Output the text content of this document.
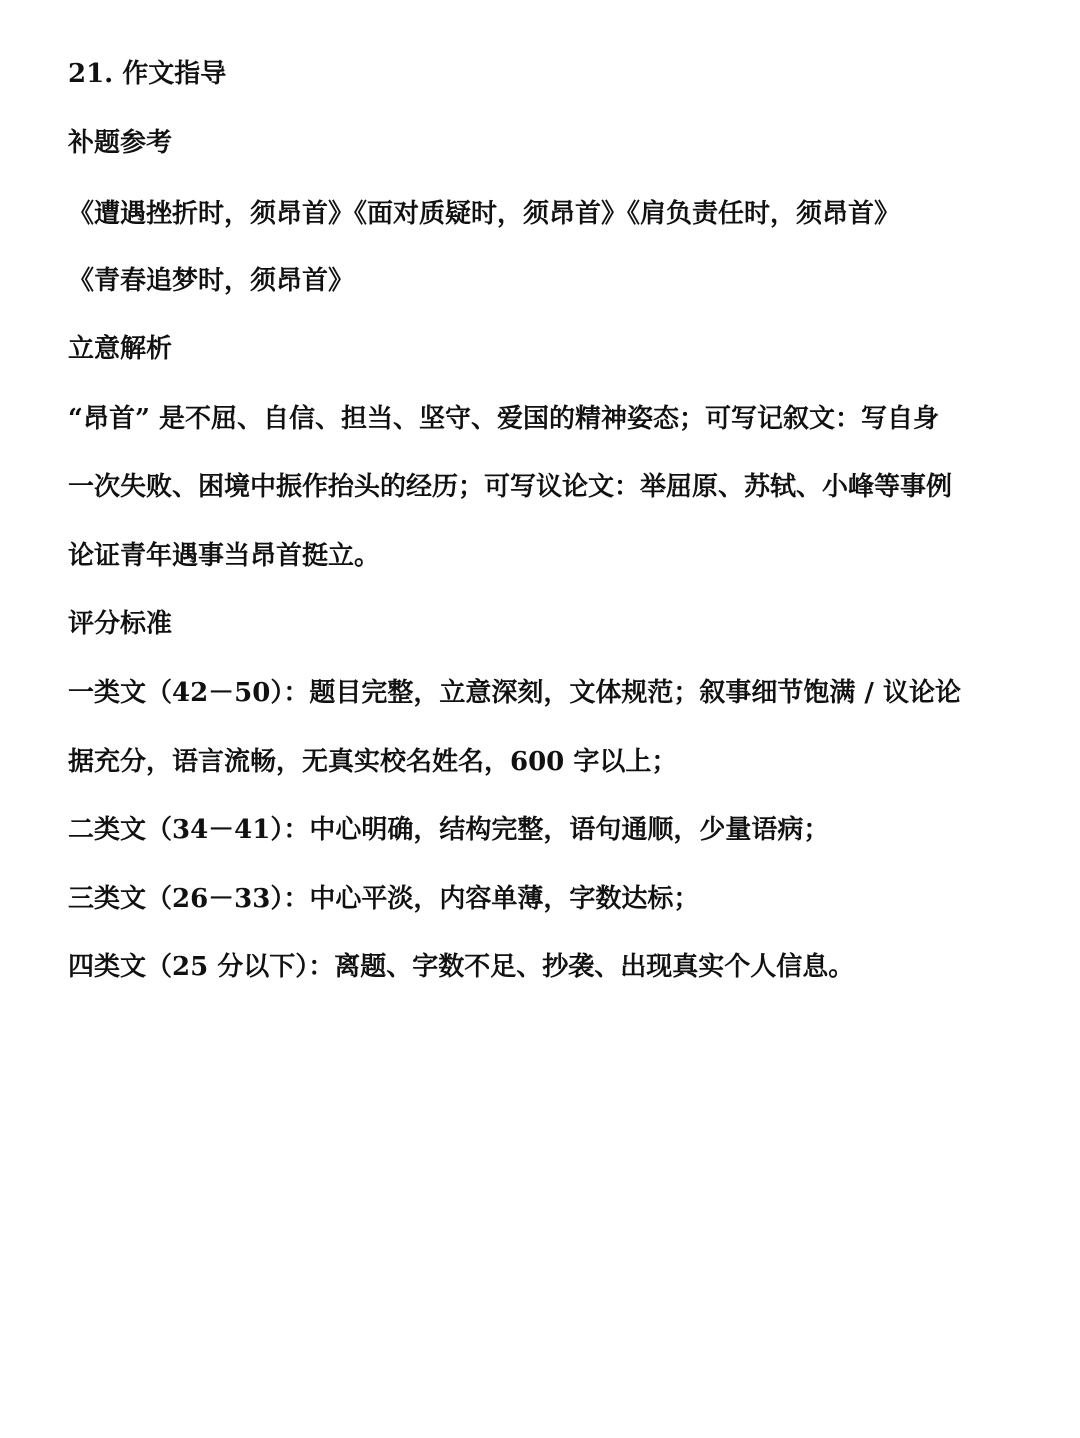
21. 作文指导
补题参考
《遭遇挫折时，须昂首》《面对质疑时，须昂首》《肩负责任时，须昂首》
《青春追梦时，须昂首》
立意解析
“昂首” 是不屈、自信、担当、坚守、爱国的精神姿态；可写记叙文：写自身
一次失败、困境中振作抬头的经历；可写议论文：举屈原、苏轼、小峰等事例
论证青年遇事当昂首挺立。
评分标准
一类文（42－50）：题目完整，立意深刻，文体规范；叙事细节饱满 / 议论论
据充分，语言流畅，无真实校名姓名，600 字以上；
二类文（34－41）：中心明确，结构完整，语句通顺，少量语病；
三类文（26－33）：中心平淡，内容单薄，字数达标；
四类文（25 分以下）：离题、字数不足、抄袭、出现真实个人信息。
